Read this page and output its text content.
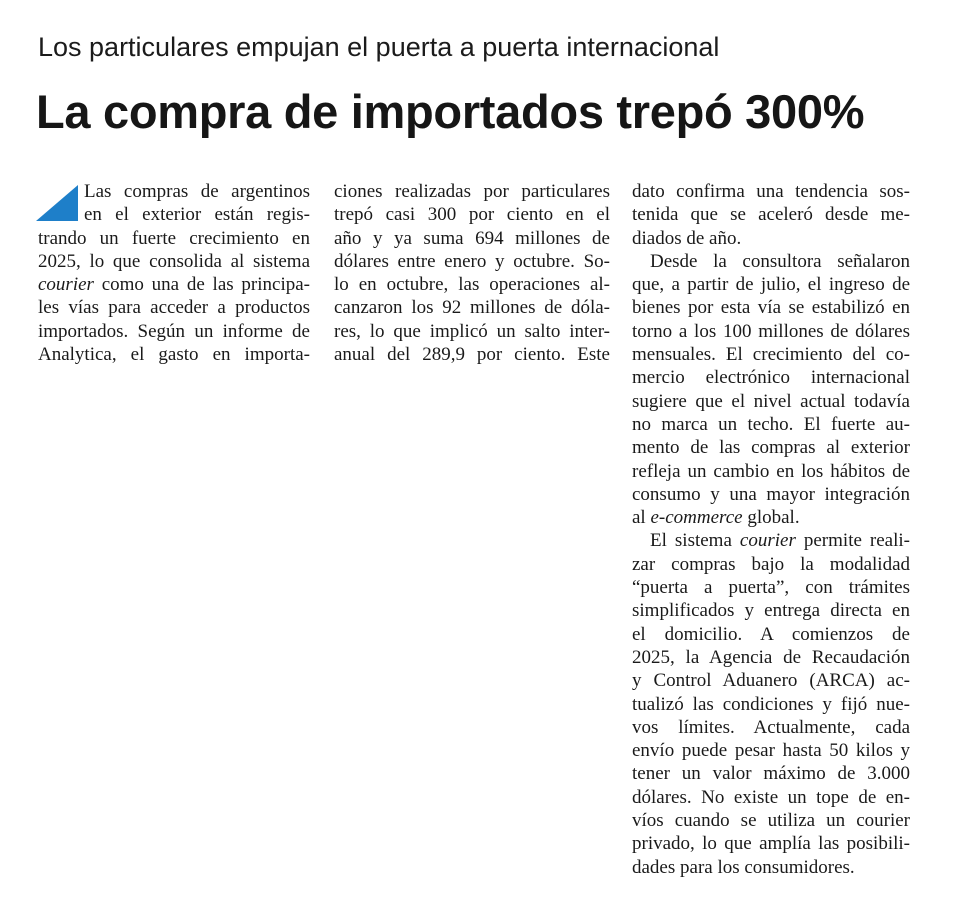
Los particulares empujan el puerta a puerta internacional
La compra de importados trepó 300%
Las compras de argentinos
en el exterior están regis-
trando un fuerte crecimiento en
2025, lo que consolida al sistema
courier como una de las principa-
les vías para acceder a productos
importados. Según un informe de
Analytica, el gasto en importa-
ciones realizadas por particulares
trepó casi 300 por ciento en el
año y ya suma 694 millones de
dólares entre enero y octubre. So-
lo en octubre, las operaciones al-
canzaron los 92 millones de dóla-
res, lo que implicó un salto inter-
anual del 289,9 por ciento. Este
dato confirma una tendencia sos-
tenida que se aceleró desde me-
diados de año.
Desde la consultora señalaron
que, a partir de julio, el ingreso de
bienes por esta vía se estabilizó en
torno a los 100 millones de dólares
mensuales. El crecimiento del co-
mercio electrónico internacional
sugiere que el nivel actual todavía
no marca un techo. El fuerte au-
mento de las compras al exterior
refleja un cambio en los hábitos de
consumo y una mayor integración
al e-commerce global.
El sistema courier permite reali-
zar compras bajo la modalidad
“puerta a puerta”, con trámites
simplificados y entrega directa en
el domicilio. A comienzos de
2025, la Agencia de Recaudación
y Control Aduanero (ARCA) ac-
tualizó las condiciones y fijó nue-
vos límites. Actualmente, cada
envío puede pesar hasta 50 kilos y
tener un valor máximo de 3.000
dólares. No existe un tope de en-
víos cuando se utiliza un courier
privado, lo que amplía las posibili-
dades para los consumidores.
